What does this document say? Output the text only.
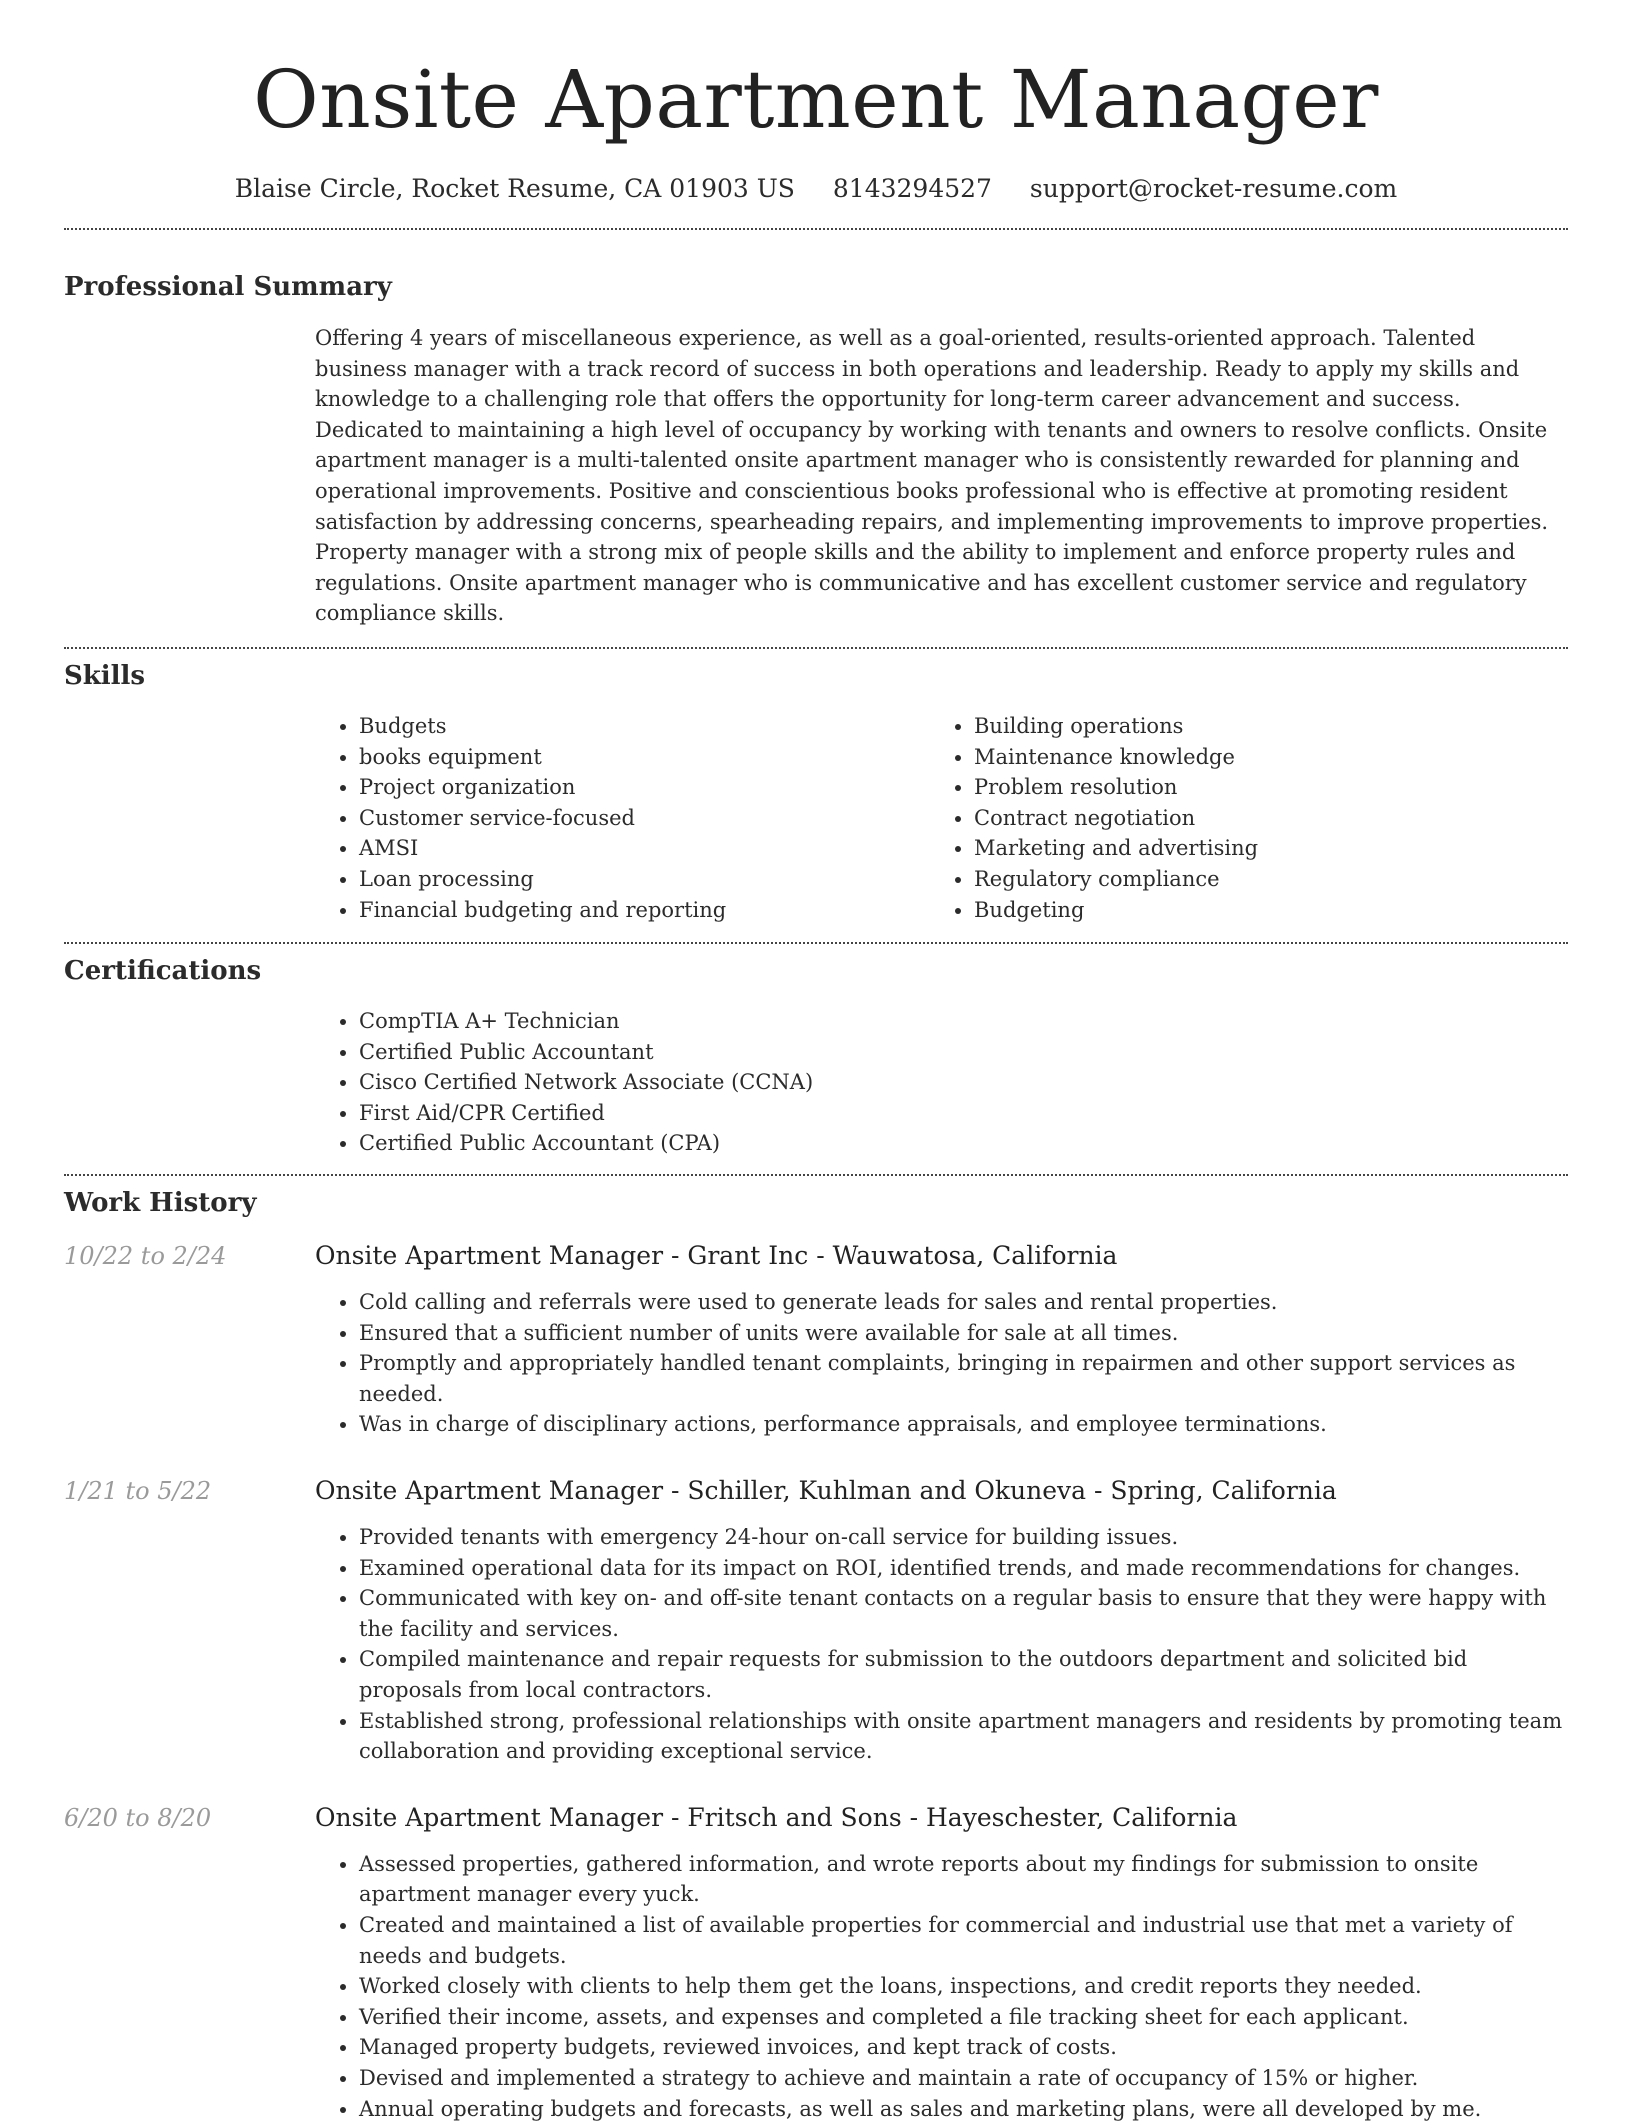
Onsite Apartment Manager
Blaise Circle, Rocket Resume, CA 01903 US 8143294527 support@rocket-resume.com
Professional Summary
Offering 4 years of miscellaneous experience, as well as a goal-oriented, results-oriented approach. Talented business manager with a track record of success in both operations and leadership. Ready to apply my skills and knowledge to a challenging role that offers the opportunity for long-term career advancement and success. Dedicated to maintaining a high level of occupancy by working with tenants and owners to resolve conflicts. Onsite apartment manager is a multi-talented onsite apartment manager who is consistently rewarded for planning and operational improvements. Positive and conscientious books professional who is effective at promoting resident satisfaction by addressing concerns, spearheading repairs, and implementing improvements to improve properties. Property manager with a strong mix of people skills and the ability to implement and enforce property rules and regulations. Onsite apartment manager who is communicative and has excellent customer service and regulatory compliance skills.
Skills
• Budgets
• books equipment
• Project organization
• Customer service-focused
• AMSI
• Loan processing
• Financial budgeting and reporting
• Building operations
• Maintenance knowledge
• Problem resolution
• Contract negotiation
• Marketing and advertising
• Regulatory compliance
• Budgeting
Certifications
• CompTIA A+ Technician
• Certified Public Accountant
• Cisco Certified Network Associate (CCNA)
• First Aid/CPR Certified
• Certified Public Accountant (CPA)
Work History
10/22 to 2/24	Onsite Apartment Manager - Grant Inc - Wauwatosa, California
• Cold calling and referrals were used to generate leads for sales and rental properties.
• Ensured that a sufficient number of units were available for sale at all times.
• Promptly and appropriately handled tenant complaints, bringing in repairmen and other support services as needed.
• Was in charge of disciplinary actions, performance appraisals, and employee terminations.
1/21 to 5/22	Onsite Apartment Manager - Schiller, Kuhlman and Okuneva - Spring, California
• Provided tenants with emergency 24-hour on-call service for building issues.
• Examined operational data for its impact on ROI, identified trends, and made recommendations for changes.
• Communicated with key on- and off-site tenant contacts on a regular basis to ensure that they were happy with the facility and services.
• Compiled maintenance and repair requests for submission to the outdoors department and solicited bid proposals from local contractors.
• Established strong, professional relationships with onsite apartment managers and residents by promoting team collaboration and providing exceptional service.
6/20 to 8/20	Onsite Apartment Manager - Fritsch and Sons - Hayeschester, California
• Assessed properties, gathered information, and wrote reports about my findings for submission to onsite apartment manager every yuck.
• Created and maintained a list of available properties for commercial and industrial use that met a variety of needs and budgets.
• Worked closely with clients to help them get the loans, inspections, and credit reports they needed.
• Verified their income, assets, and expenses and completed a file tracking sheet for each applicant.
• Managed property budgets, reviewed invoices, and kept track of costs.
• Devised and implemented a strategy to achieve and maintain a rate of occupancy of 15% or higher.
• Annual operating budgets and forecasts, as well as sales and marketing plans, were all developed by me.
